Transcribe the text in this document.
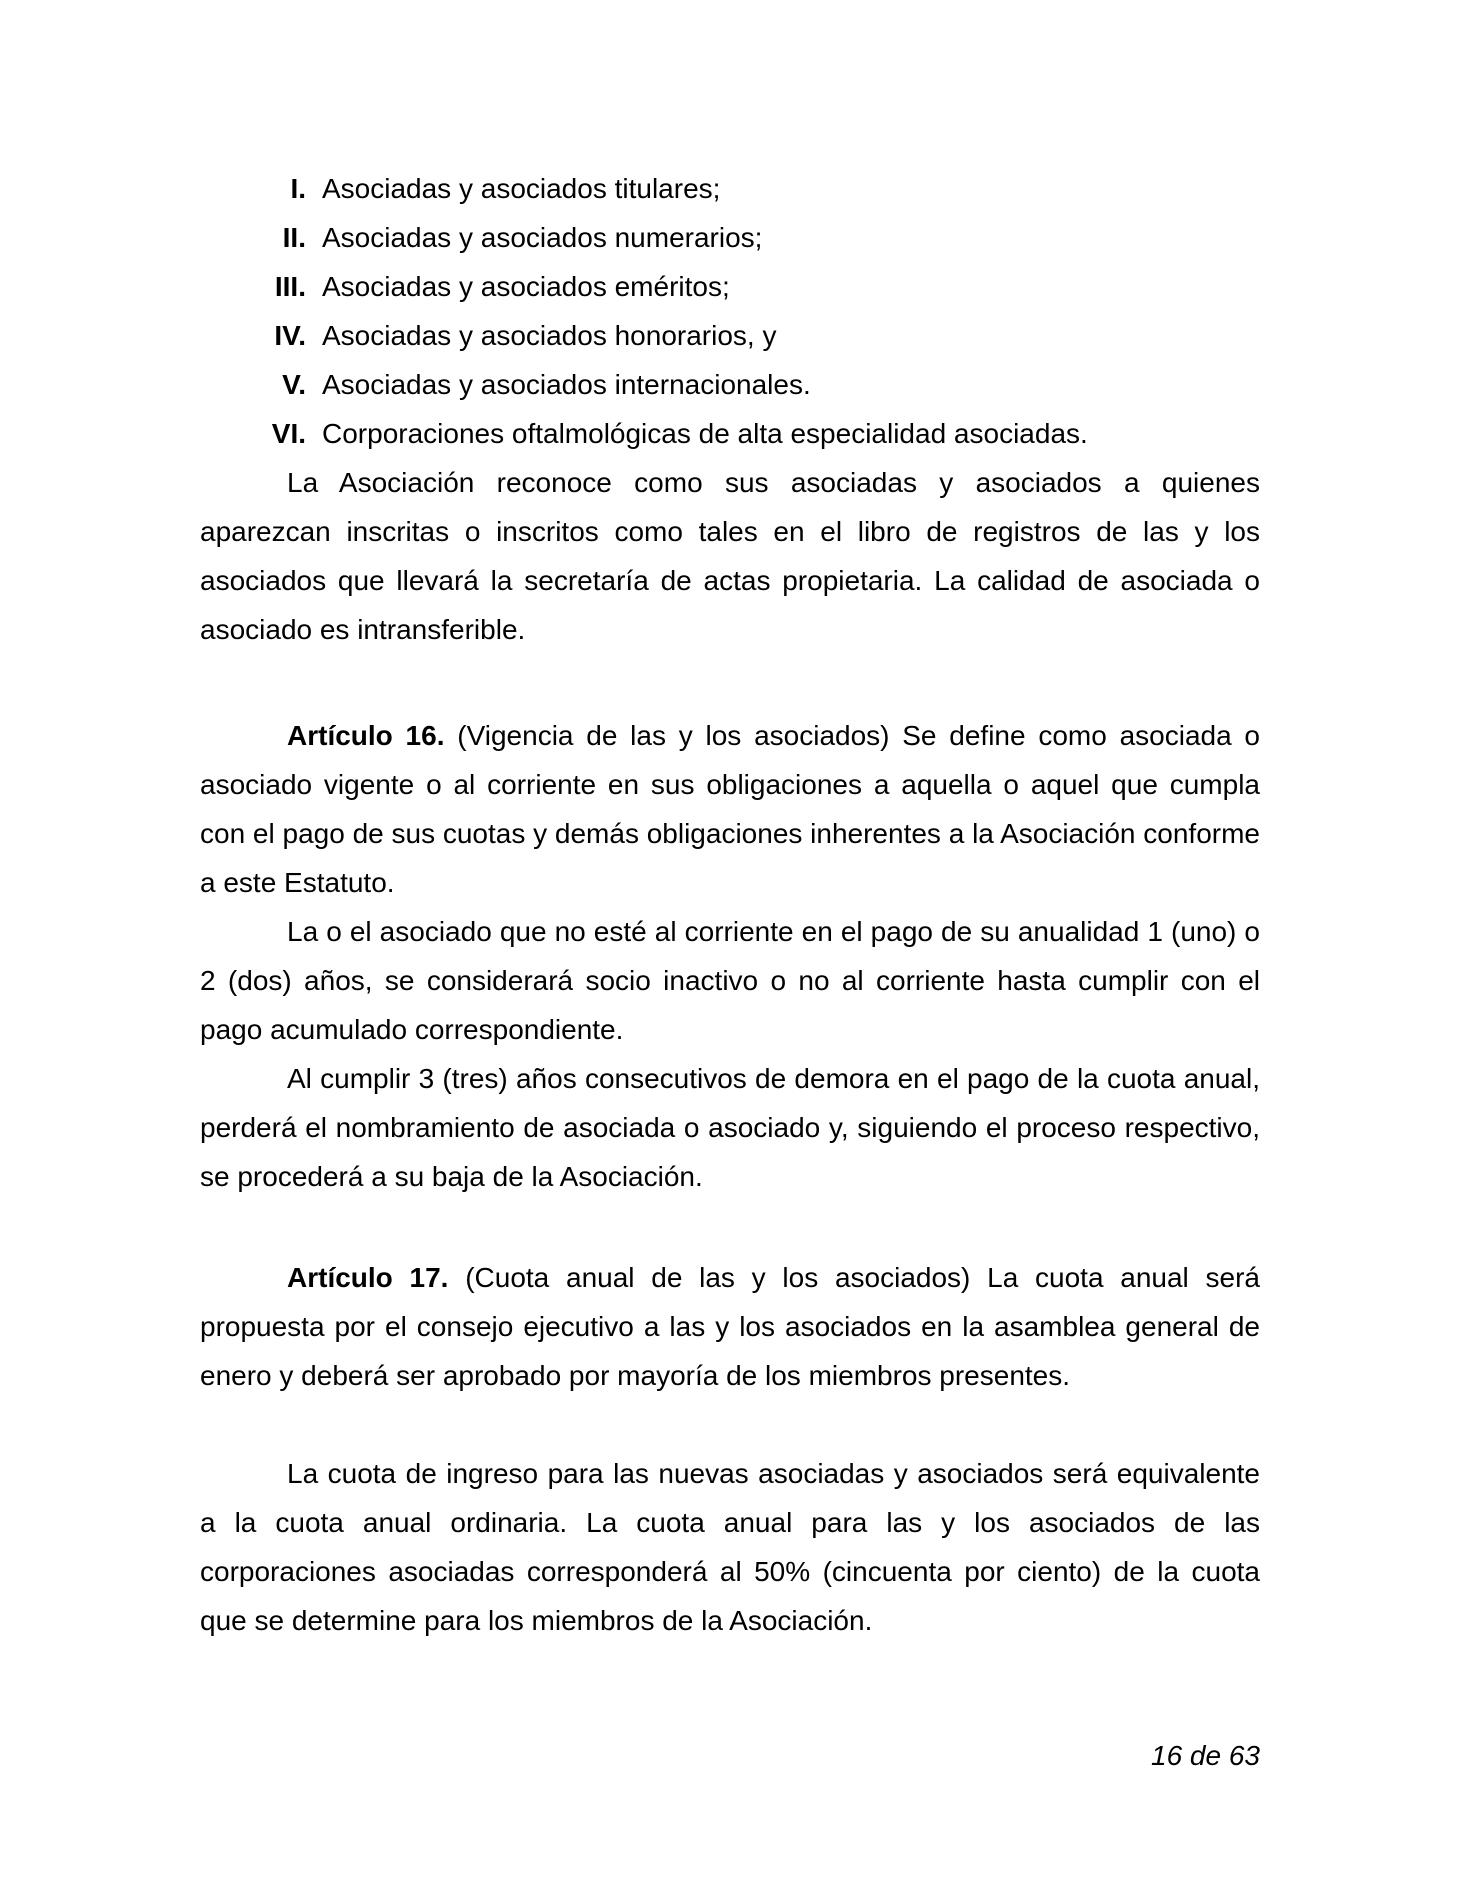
I. Asociadas y asociados titulares;
II. Asociadas y asociados numerarios;
III. Asociadas y asociados eméritos;
IV. Asociadas y asociados honorarios, y
V. Asociadas y asociados internacionales.
VI. Corporaciones oftalmológicas de alta especialidad asociadas.

La Asociación reconoce como sus asociadas y asociados a quienes aparezcan inscritas o inscritos como tales en el libro de registros de las y los asociados que llevará la secretaría de actas propietaria. La calidad de asociada o asociado es intransferible.

Artículo 16. (Vigencia de las y los asociados) Se define como asociada o asociado vigente o al corriente en sus obligaciones a aquella o aquel que cumpla con el pago de sus cuotas y demás obligaciones inherentes a la Asociación conforme a este Estatuto.

La o el asociado que no esté al corriente en el pago de su anualidad 1 (uno) o 2 (dos) años, se considerará socio inactivo o no al corriente hasta cumplir con el pago acumulado correspondiente.

Al cumplir 3 (tres) años consecutivos de demora en el pago de la cuota anual, perderá el nombramiento de asociada o asociado y, siguiendo el proceso respectivo, se procederá a su baja de la Asociación.

Artículo 17. (Cuota anual de las y los asociados) La cuota anual será propuesta por el consejo ejecutivo a las y los asociados en la asamblea general de enero y deberá ser aprobado por mayoría de los miembros presentes.

La cuota de ingreso para las nuevas asociadas y asociados será equivalente a la cuota anual ordinaria. La cuota anual para las y los asociados de las corporaciones asociadas corresponderá al 50% (cincuenta por ciento) de la cuota que se determine para los miembros de la Asociación.

16 de 63
